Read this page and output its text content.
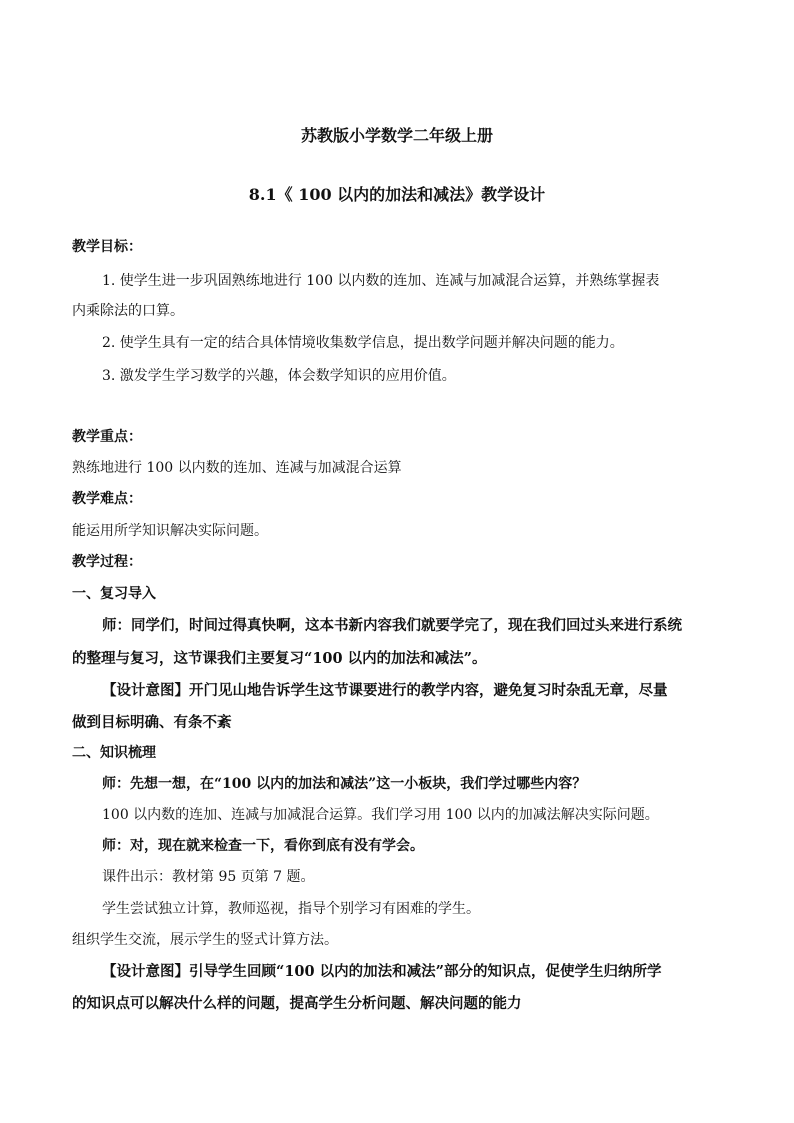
苏教版小学数学二年级上册
8.1《 100 以内的加法和减法》教学设计
教学目标：
1. 使学生进一步巩固熟练地进行 100 以内数的连加、连减与加减混合运算，并熟练掌握表
内乘除法的口算。
2. 使学生具有一定的结合具体情境收集数学信息，提出数学问题并解决问题的能力。
3. 激发学生学习数学的兴趣，体会数学知识的应用价值。
教学重点：
熟练地进行 100 以内数的连加、连减与加减混合运算
教学难点：
能运用所学知识解决实际问题。
教学过程：
一、复习导入
师：同学们，时间过得真快啊，这本书新内容我们就要学完了，现在我们回过头来进行系统
的整理与复习，这节课我们主要复习“100 以内的加法和减法”。
【设计意图】开门见山地告诉学生这节课要进行的教学内容，避免复习时杂乱无章，尽量
做到目标明确、有条不紊
二、知识梳理
师：先想一想，在“100 以内的加法和减法”这一小板块，我们学过哪些内容？
100 以内数的连加、连减与加减混合运算。我们学习用 100 以内的加减法解决实际问题。
师：对，现在就来检查一下，看你到底有没有学会。
课件出示：教材第 95 页第 7 题。
学生尝试独立计算，教师巡视，指导个别学习有困难的学生。
组织学生交流，展示学生的竖式计算方法。
【设计意图】引导学生回顾“100 以内的加法和减法”部分的知识点，促使学生归纳所学
的知识点可以解决什么样的问题，提高学生分析问题、解决问题的能力
